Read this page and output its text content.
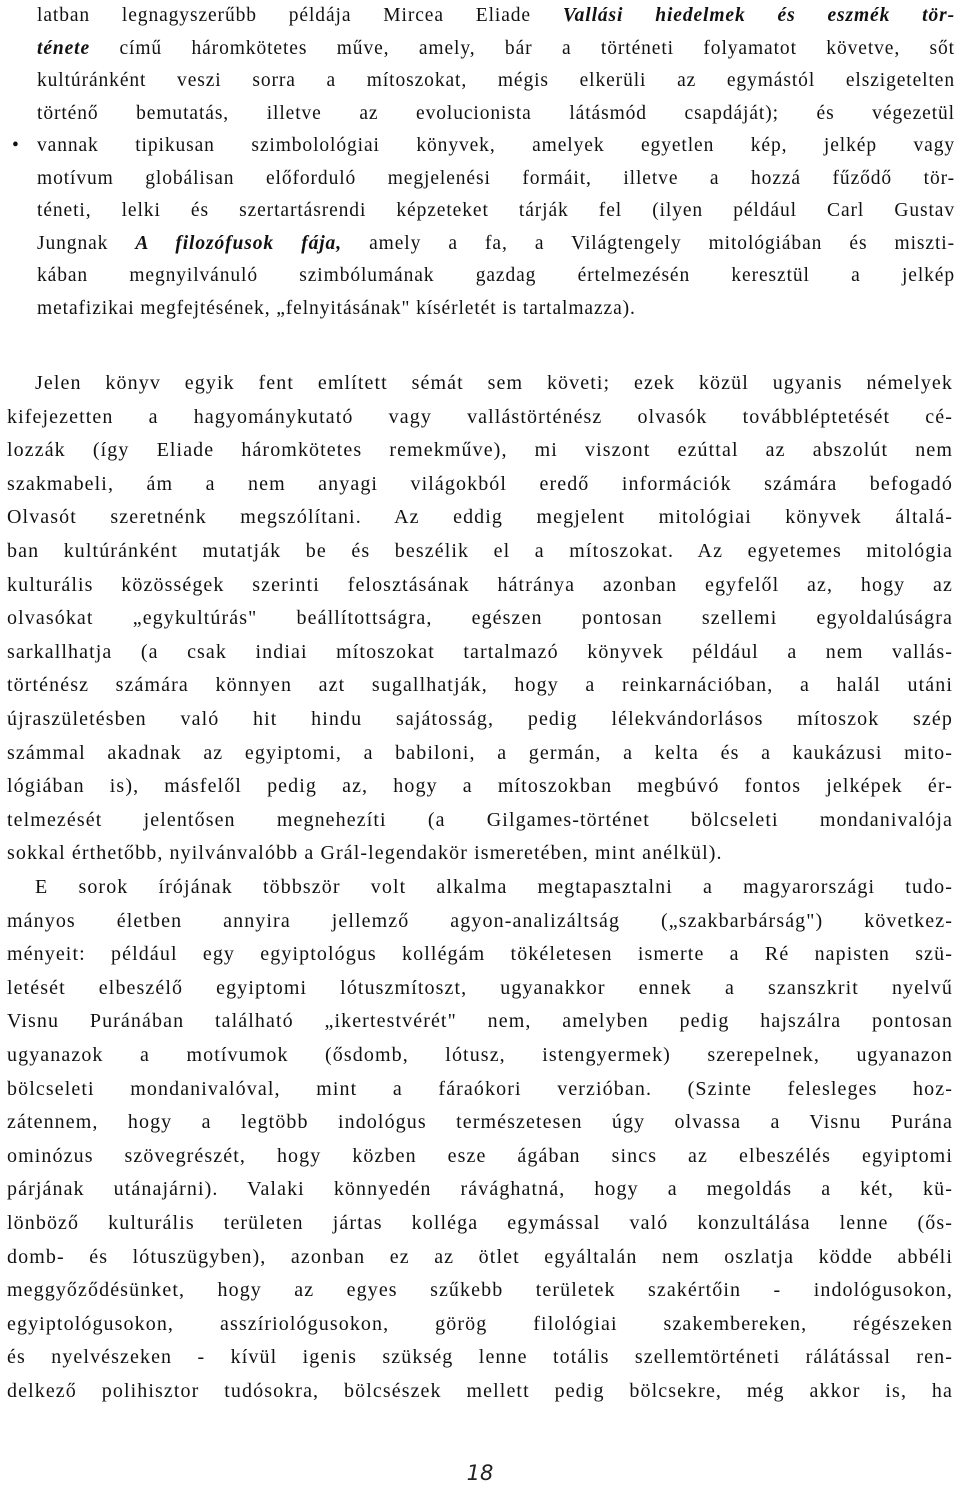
latban legnagyszerűbb példája Mircea Eliade Vallási hiedelmek és eszmék tör-
ténete című háromkötetes műve, amely, bár a történeti folyamatot követve, sőt
kultúránként veszi sorra a mítoszokat, mégis elkerüli az egymástól elszigetelten
történő bemutatás, illetve az evolucionista látásmód csapdáját); és végezetül
• vannak tipikusan szimbolológiai könyvek, amelyek egyetlen kép, jelkép vagy
motívum globálisan előforduló megjelenési formáit, illetve a hozzá fűződő tör-
téneti, lelki és szertartásrendi képzeteket tárják fel (ilyen például Carl Gustav
Jungnak A filozófusok fája, amely a fa, a Világtengely mitológiában és miszti-
kában megnyilvánuló szimbólumának gazdag értelmezésén keresztül a jelkép
metafizikai megfejtésének, „felnyitásának" kísérletét is tartalmazza).
Jelen könyv egyik fent említett sémát sem követi; ezek közül ugyanis némelyek
kifejezetten a hagyománykutató vagy vallástörténész olvasók továbbléptetését cé-
lozzák (így Eliade háromkötetes remekműve), mi viszont ezúttal az abszolút nem
szakmabeli, ám a nem anyagi világokból eredő információk számára befogadó
Olvasót szeretnénk megszólítani. Az eddig megjelent mitológiai könyvek általá-
ban kultúránként mutatják be és beszélik el a mítoszokat. Az egyetemes mitológia
kulturális közösségek szerinti felosztásának hátránya azonban egyfelől az, hogy az
olvasókat „egykultúrás" beállítottságra, egészen pontosan szellemi egyoldalúságra
sarkallhatja (a csak indiai mítoszokat tartalmazó könyvek például a nem vallás-
történész számára könnyen azt sugallhatják, hogy a reinkarnációban, a halál utáni
újraszületésben való hit hindu sajátosság, pedig lélekvándorlásos mítoszok szép
számmal akadnak az egyiptomi, a babiloni, a germán, a kelta és a kaukázusi mito-
lógiában is), másfelől pedig az, hogy a mítoszokban megbúvó fontos jelképek ér-
telmezését jelentősen megnehezíti (a Gilgames-történet bölcseleti mondanivalója
sokkal érthetőbb, nyilvánvalóbb a Grál-legendakör ismeretében, mint anélkül).
E sorok írójának többször volt alkalma megtapasztalni a magyarországi tudo-
mányos életben annyira jellemző agyon-analizáltság („szakbarbárság") következ-
ményeit: például egy egyiptológus kollégám tökéletesen ismerte a Ré napisten szü-
letését elbeszélő egyiptomi lótuszmítoszt, ugyanakkor ennek a szanszkrit nyelvű
Visnu Puránában található „ikertestvérét" nem, amelyben pedig hajszálra pontosan
ugyanazok a motívumok (ősdomb, lótusz, istengyermek) szerepelnek, ugyanazon
bölcseleti mondanivalóval, mint a fáraókori verzióban. (Szinte felesleges hoz-
zátennem, hogy a legtöbb indológus természetesen úgy olvassa a Visnu Purána
ominózus szövegrészét, hogy közben esze ágában sincs az elbeszélés egyiptomi
párjának utánajárni). Valaki könnyedén rávághatná, hogy a megoldás a két, kü-
lönböző kulturális területen jártas kolléga egymással való konzultálása lenne (ős-
domb- és lótuszügyben), azonban ez az ötlet egyáltalán nem oszlatja ködde abbéli
meggyőződésünket, hogy az egyes szűkebb területek szakértőin - indológusokon,
egyiptológusokon, asszíriológusokon, görög filológiai szakembereken, régészeken
és nyelvészeken - kívül igenis szükség lenne totális szellemtörténeti rálátással ren-
delkező polihisztor tudósokra, bölcsészek mellett pedig bölcsekre, még akkor is, ha
18
